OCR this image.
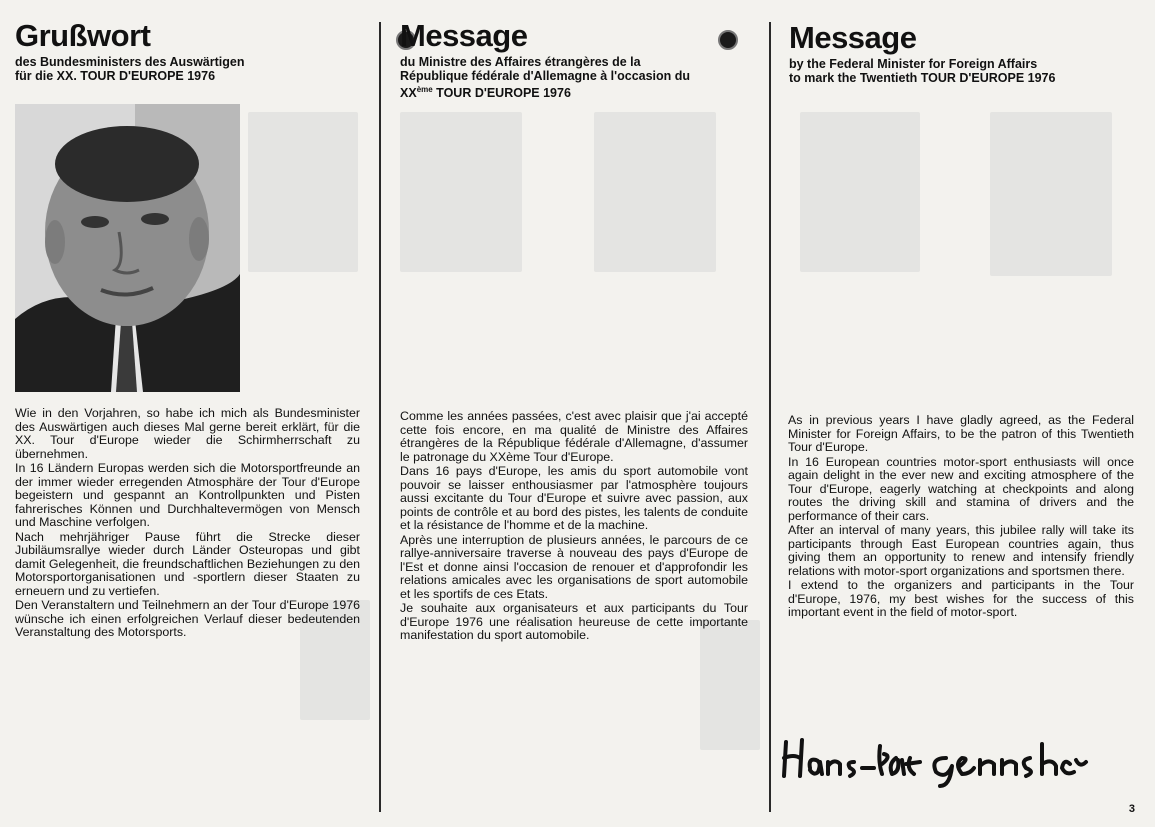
Grußwort
des Bundesministers des Auswärtigen
für die XX. TOUR D'EUROPE 1976

Wie in den Vorjahren, so habe ich mich als Bundesminister des Auswärtigen auch dieses Mal gerne bereit erklärt, für die XX. Tour d'Europe wieder die Schirmherrschaft zu übernehmen.

In 16 Ländern Europas werden sich die Motorsportfreunde an der immer wieder erregenden Atmosphäre der Tour d'Europe begeistern und gespannt an Kontrollpunkten und Pisten fahrerisches Können und Durchhaltevermögen von Mensch und Maschine verfolgen.

Nach mehrjähriger Pause führt die Strecke dieser Jubiläumsrallye wieder durch Länder Osteuropas und gibt damit Gelegenheit, die freundschaftlichen Beziehungen zu den Motorsportorganisationen und -sportlern dieser Staaten zu erneuern und zu vertiefen.

Den Veranstaltern und Teilnehmern an der Tour d'Europe 1976 wünsche ich einen erfolgreichen Verlauf dieser bedeutenden Veranstaltung des Motorsports.

Message
du Ministre des Affaires étrangères de la
République fédérale d'Allemagne à l'occasion du
XXème TOUR D'EUROPE 1976

Comme les années passées, c'est avec plaisir que j'ai accepté cette fois encore, en ma qualité de Ministre des Affaires étrangères de la République fédérale d'Allemagne, d'assumer le patronage du XXème Tour d'Europe.

Dans 16 pays d'Europe, les amis du sport automobile vont pouvoir se laisser enthousiasmer par l'atmosphère toujours aussi excitante du Tour d'Europe et suivre avec passion, aux points de contrôle et au bord des pistes, les talents de conduite et la résistance de l'homme et de la machine.

Après une interruption de plusieurs années, le parcours de ce rallye-anniversaire traverse à nouveau des pays d'Europe de l'Est et donne ainsi l'occasion de renouer et d'approfondir les relations amicales avec les organisations de sport automobile et les sportifs de ces Etats.

Je souhaite aux organisateurs et aux participants du Tour d'Europe 1976 une réalisation heureuse de cette importante manifestation du sport automobile.

Message
by the Federal Minister for Foreign Affairs
to mark the Twentieth TOUR D'EUROPE 1976

As in previous years I have gladly agreed, as the Federal Minister for Foreign Affairs, to be the patron of this Twentieth Tour d'Europe.

In 16 European countries motor-sport enthusiasts will once again delight in the ever new and exciting atmosphere of the Tour d'Europe, eagerly watching at checkpoints and along routes the driving skill and stamina of drivers and the performance of their cars.

After an interval of many years, this jubilee rally will take its participants through East European countries again, thus giving them an opportunity to renew and intensify friendly relations with motor-sport organizations and sportsmen there.

I extend to the organizers and participants in the Tour d'Europe, 1976, my best wishes for the success of this important event in the field of motor-sport.

3
